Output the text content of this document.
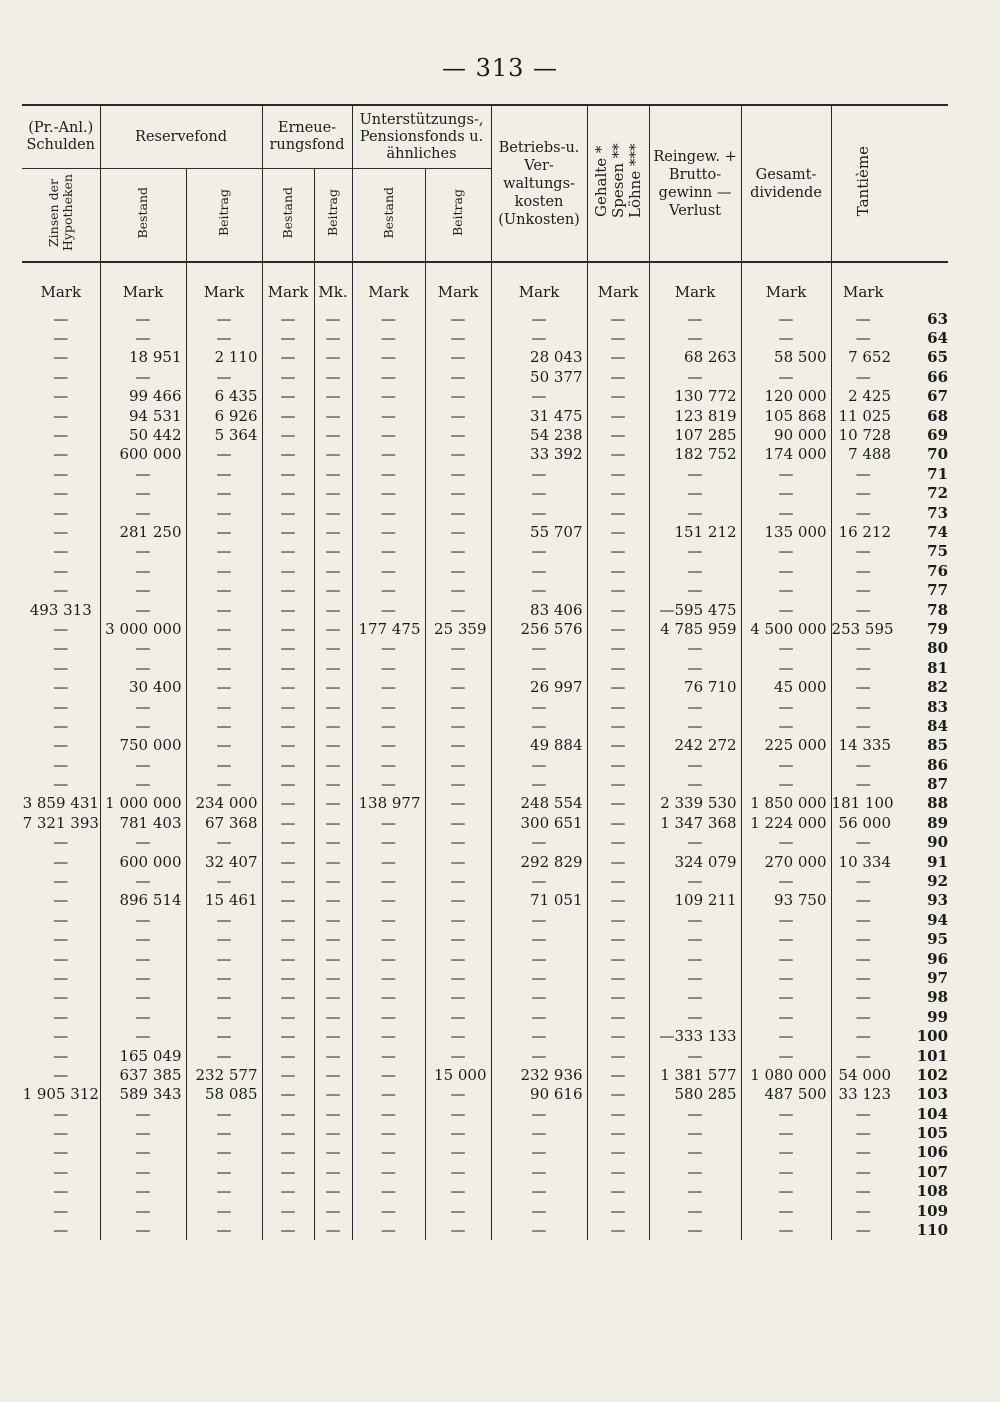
— 313 —
(Pr.-Anl.) Schulden	Reservefond		Erneue-rungsfond		Unterstützungs-, Pensionsfonds u. ähnliches		Betriebs-u. Ver-waltungs-kosten (Unkosten)	Gehalte * Spesen ** Löhne ***	Reingew. + Brutto-gewinn — Verlust	Gesamt-dividende	Tantième	
Zinsen der Hypotheken	Bestand	Beitrag	Bestand	Beitrag	Bestand	Beitrag						

Mark	Mark	Mark	Mark	Mk.	Mark	Mark	Mark	Mark	Mark	Mark	Mark	
—	—	—	—	—	—	—	—	—	—	—	—	63
—	—	—	—	—	—	—	—	—	—	—	—	64
—	18 951	2 110	—	—	—	—	28 043	—	68 263	58 500	7 652	65
—	—	—	—	—	—	—	50 377	—	—	—	—	66
—	99 466	6 435	—	—	—	—	—	—	130 772	120 000	2 425	67
—	94 531	6 926	—	—	—	—	31 475	—	123 819	105 868	11 025	68
—	50 442	5 364	—	—	—	—	54 238	—	107 285	90 000	10 728	69
—	600 000	—	—	—	—	—	33 392	—	182 752	174 000	7 488	70
—	—	—	—	—	—	—	—	—	—	—	—	71
—	—	—	—	—	—	—	—	—	—	—	—	72
—	—	—	—	—	—	—	—	—	—	—	—	73
—	281 250	—	—	—	—	—	55 707	—	151 212	135 000	16 212	74
—	—	—	—	—	—	—	—	—	—	—	—	75
—	—	—	—	—	—	—	—	—	—	—	—	76
—	—	—	—	—	—	—	—	—	—	—	—	77
493 313	—	—	—	—	—	—	83 406	—	—595 475	—	—	78
—	3 000 000	—	—	—	177 475	25 359	256 576	—	4 785 959	4 500 000	253 595	79
—	—	—	—	—	—	—	—	—	—	—	—	80
—	—	—	—	—	—	—	—	—	—	—	—	81
—	30 400	—	—	—	—	—	26 997	—	76 710	45 000	—	82
—	—	—	—	—	—	—	—	—	—	—	—	83
—	—	—	—	—	—	—	—	—	—	—	—	84
—	750 000	—	—	—	—	—	49 884	—	242 272	225 000	14 335	85
—	—	—	—	—	—	—	—	—	—	—	—	86
—	—	—	—	—	—	—	—	—	—	—	—	87
3 859 431	1 000 000	234 000	—	—	138 977	—	248 554	—	2 339 530	1 850 000	181 100	88
7 321 393	781 403	67 368	—	—	—	—	300 651	—	1 347 368	1 224 000	56 000	89
—	—	—	—	—	—	—	—	—	—	—	—	90
—	600 000	32 407	—	—	—	—	292 829	—	324 079	270 000	10 334	91
—	—	—	—	—	—	—	—	—	—	—	—	92
—	896 514	15 461	—	—	—	—	71 051	—	109 211	93 750	—	93
—	—	—	—	—	—	—	—	—	—	—	—	94
—	—	—	—	—	—	—	—	—	—	—	—	95
—	—	—	—	—	—	—	—	—	—	—	—	96
—	—	—	—	—	—	—	—	—	—	—	—	97
—	—	—	—	—	—	—	—	—	—	—	—	98
—	—	—	—	—	—	—	—	—	—	—	—	99
—	—	—	—	—	—	—	—	—	—333 133	—	—	100
—	165 049	—	—	—	—	—	—	—	—	—	—	101
—	637 385	232 577	—	—	—	15 000	232 936	—	1 381 577	1 080 000	54 000	102
1 905 312	589 343	58 085	—	—	—	—	90 616	—	580 285	487 500	33 123	103
—	—	—	—	—	—	—	—	—	—	—	—	104
—	—	—	—	—	—	—	—	—	—	—	—	105
—	—	—	—	—	—	—	—	—	—	—	—	106
—	—	—	—	—	—	—	—	—	—	—	—	107
—	—	—	—	—	—	—	—	—	—	—	—	108
—	—	—	—	—	—	—	—	—	—	—	—	109
—	—	—	—	—	—	—	—	—	—	—	—	110
